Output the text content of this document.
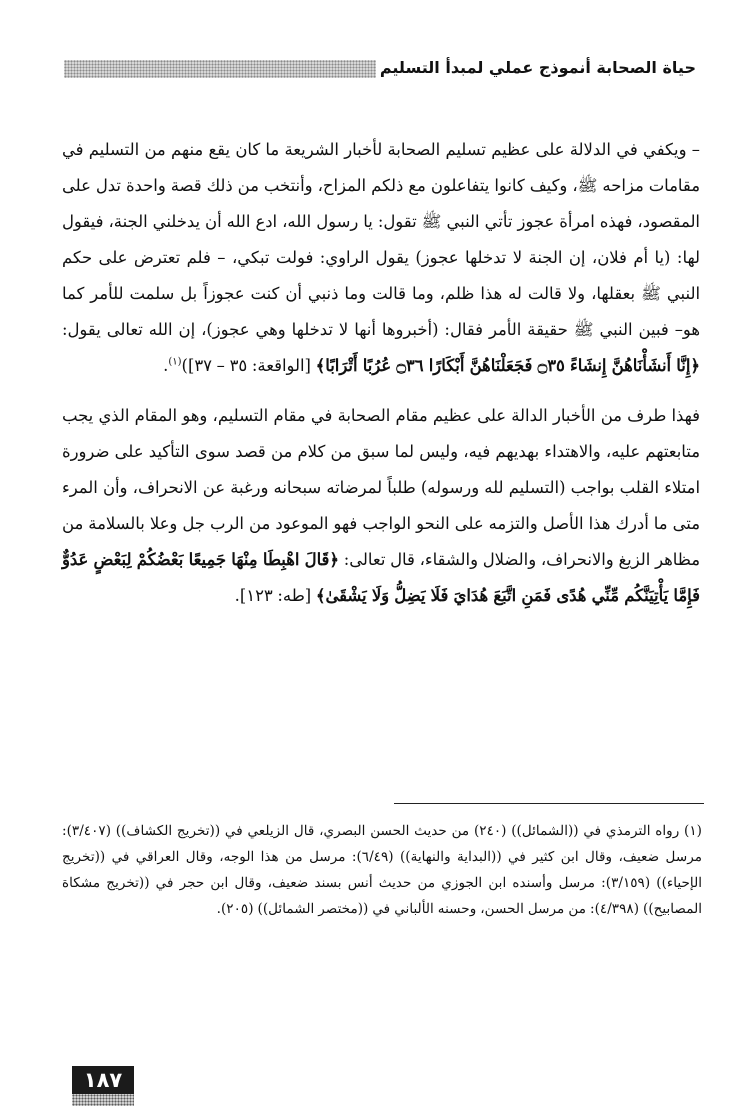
حياة الصحابة أنموذج عملي لمبدأ التسليم

– ويكفي في الدلالة على عظيم تسليم الصحابة لأخبار الشريعة ما كان يقع منهم من التسليم في مقامات مزاحه ﷺ، وكيف كانوا يتفاعلون مع ذلكم المزاح، وأنتخب من ذلك قصة واحدة تدل على المقصود، فهذه امرأة عجوز تأتي النبي ﷺ تقول: يا رسول الله، ادع الله أن يدخلني الجنة، فيقول لها: (يا أم فلان، إن الجنة لا تدخلها عجوز) يقول الراوي: فولت تبكي، – فلم تعترض على حكم النبي ﷺ بعقلها، ولا قالت له هذا ظلم، وما قالت وما ذنبي أن كنت عجوزاً بل سلمت للأمر كما هو– فبين النبي ﷺ حقيقة الأمر فقال: (أخبروها أنها لا تدخلها وهي عجوز)، إن الله تعالى يقول: ﴿إِنَّا أَنشَأْنَاهُنَّ إِنشَاءً ۝٣٥ فَجَعَلْنَاهُنَّ أَبْكَارًا ۝٣٦ عُرُبًا أَتْرَابًا﴾ [الواقعة: ٣٥ – ٣٧])$^{(١)}$.

فهذا طرف من الأخبار الدالة على عظيم مقام الصحابة في مقام التسليم، وهو المقام الذي يجب متابعتهم عليه، والاهتداء بهديهم فيه، وليس لما سبق من كلام من قصد سوى التأكيد على ضرورة امتلاء القلب بواجب (التسليم لله ورسوله) طلباً لمرضاته سبحانه ورغبة عن الانحراف، وأن المرء متى ما أدرك هذا الأصل والتزمه على النحو الواجب فهو الموعود من الرب جل وعلا بالسلامة من مظاهر الزيغ والانحراف، والضلال والشقاء، قال تعالى: ﴿قَالَ اهْبِطَا مِنْهَا جَمِيعًا بَعْضُكُمْ لِبَعْضٍ عَدُوٌّ فَإِمَّا يَأْتِيَنَّكُم مِّنِّي هُدًى فَمَنِ اتَّبَعَ هُدَايَ فَلَا يَضِلُّ وَلَا يَشْقَىٰ﴾ [طه: ١٢٣].

(١) رواه الترمذي في ((الشمائل)) (٢٤٠) من حديث الحسن البصري، قال الزيلعي في ((تخريج الكشاف)) (٣/٤٠٧): مرسل ضعيف، وقال ابن كثير في ((البداية والنهاية)) (٦/٤٩): مرسل من هذا الوجه، وقال العراقي في ((تخريج الإحياء)) (٣/١٥٩): مرسل وأسنده ابن الجوزي من حديث أنس بسند ضعيف، وقال ابن حجر في ((تخريج مشكاة المصابيح)) (٤/٣٩٨): من مرسل الحسن، وحسنه الألباني في ((مختصر الشمائل)) (٢٠٥).

١٨٧
